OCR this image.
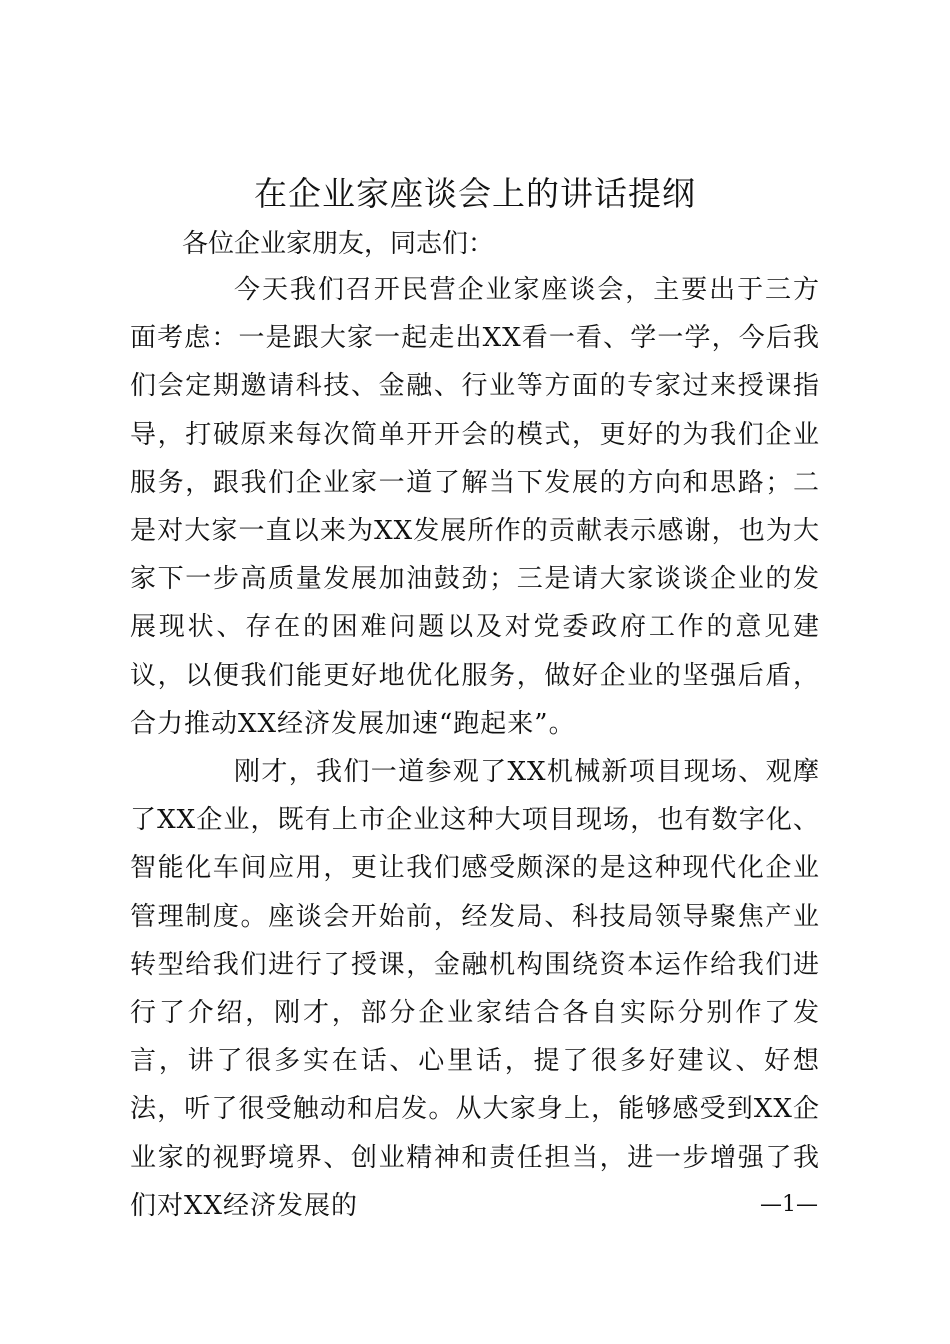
在企业家座谈会上的讲话提纲
各位企业家朋友，同志们：

今天我们召开民营企业家座谈会，主要出于三方面考虑：一是跟大家一起走出XX看一看、学一学，今后我们会定期邀请科技、金融、行业等方面的专家过来授课指导，打破原来每次简单开开会的模式，更好的为我们企业服务，跟我们企业家一道了解当下发展的方向和思路；二是对大家一直以来为XX发展所作的贡献表示感谢，也为大家下一步高质量发展加油鼓劲；三是请大家谈谈企业的发展现状、存在的困难问题以及对党委政府工作的意见建议，以便我们能更好地优化服务，做好企业的坚强后盾，合力推动XX经济发展加速“跑起来”。

刚才，我们一道参观了XX机械新项目现场、观摩了XX企业，既有上市企业这种大项目现场，也有数字化、智能化车间应用，更让我们感受颇深的是这种现代化企业管理制度。座谈会开始前，经发局、科技局领导聚焦产业转型给我们进行了授课，金融机构围绕资本运作给我们进行了介绍，刚才，部分企业家结合各自实际分别作了发言，讲了很多实在话、心里话，提了很多好建议、好想法，听了很受触动和启发。从大家身上，能够感受到XX企业家的视野境界、创业精神和责任担当，进一步增强了我们对XX经济发展的	—1—
